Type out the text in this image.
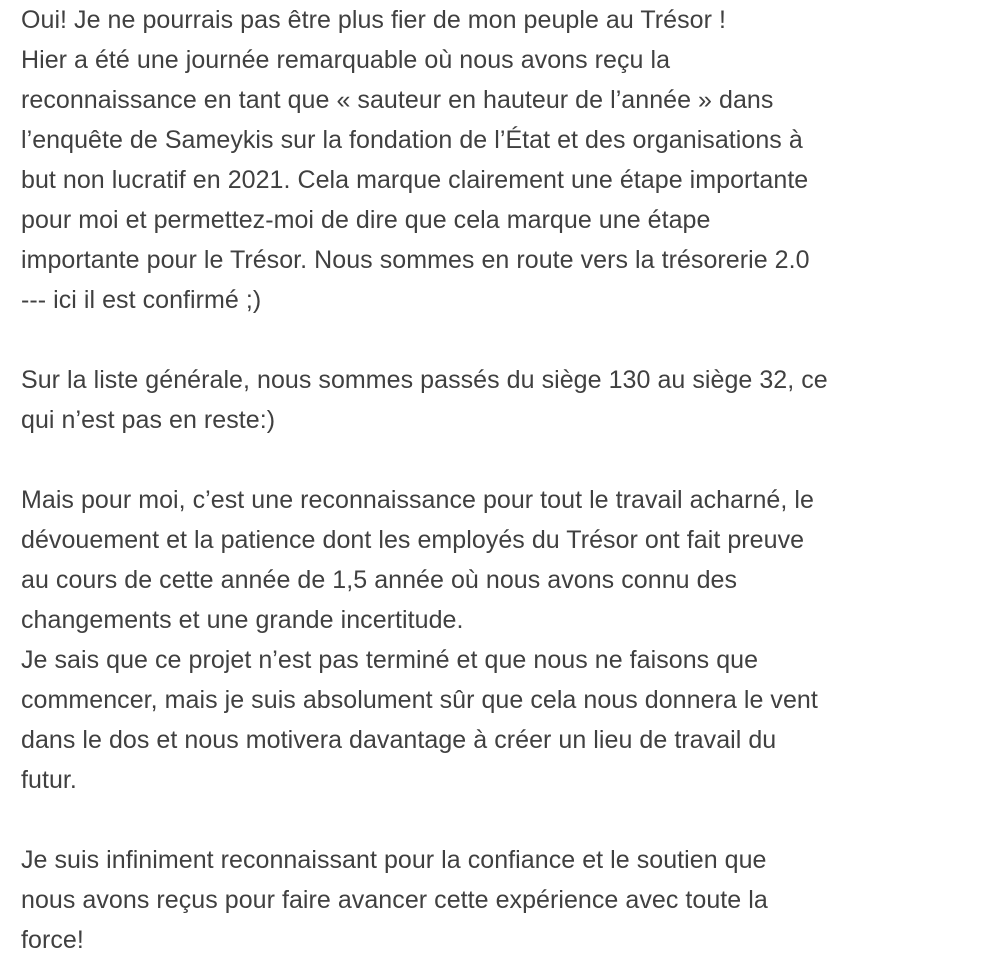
Oui! Je ne pourrais pas être plus fier de mon peuple au Trésor !
Hier a été une journée remarquable où nous avons reçu la
reconnaissance en tant que « sauteur en hauteur de l’année » dans
l’enquête de Sameykis sur la fondation de l’État et des organisations à
but non lucratif en 2021. Cela marque clairement une étape importante
pour moi et permettez-moi de dire que cela marque une étape
importante pour le Trésor. Nous sommes en route vers la trésorerie 2.0
--- ici il est confirmé ;)
Sur la liste générale, nous sommes passés du siège 130 au siège 32, ce
qui n’est pas en reste:)
Mais pour moi, c’est une reconnaissance pour tout le travail acharné, le
dévouement et la patience dont les employés du Trésor ont fait preuve
au cours de cette année de 1,5 année où nous avons connu des
changements et une grande incertitude.
Je sais que ce projet n’est pas terminé et que nous ne faisons que
commencer, mais je suis absolument sûr que cela nous donnera le vent
dans le dos et nous motivera davantage à créer un lieu de travail du
futur.
Je suis infiniment reconnaissant pour la confiance et le soutien que
nous avons reçus pour faire avancer cette expérience avec toute la
force!
